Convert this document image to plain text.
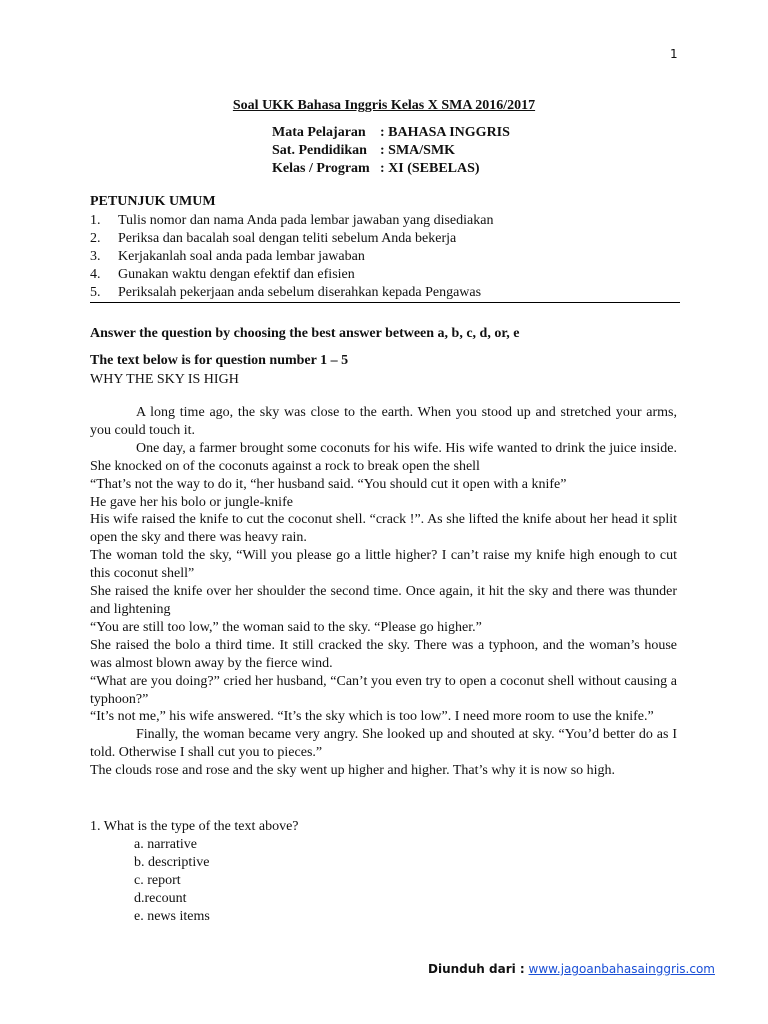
1
Soal UKK Bahasa Inggris Kelas X SMA 2016/2017
Mata Pelajaran	: BAHASA INGGRIS
Sat. Pendidikan : SMA/SMK
Kelas / Program : XI (SEBELAS)
PETUNJUK UMUM
1.	Tulis nomor dan nama Anda pada lembar jawaban yang disediakan
2.	Periksa dan bacalah soal dengan teliti sebelum Anda bekerja
3.	Kerjakanlah soal anda pada lembar jawaban
4.	Gunakan waktu dengan efektif dan efisien
5.	Periksalah pekerjaan anda sebelum diserahkan kepada Pengawas
Answer the question by choosing the best answer between a, b, c, d, or, e
The text below is for question number 1 – 5
WHY THE SKY IS HIGH

A long time ago, the sky was close to the earth. When you stood up and stretched your arms, you could touch it.

One day, a farmer brought some coconuts for his wife. His wife wanted to drink the juice inside. She knocked on of the coconuts against a rock to break open the shell

“That’s not the way to do it, “her husband said. “You should cut it open with a knife”

He gave her his bolo or jungle-knife

His wife raised the knife to cut the coconut shell. “crack !”. As she lifted the knife about her head it split open the sky and there was heavy rain.

The woman told the sky, “Will you please go a little higher? I can’t raise my knife high enough to cut this coconut shell”

She raised the knife over her shoulder the second time. Once again, it hit the sky and there was thunder and lightening

“You are still too low,” the woman said to the sky. “Please go higher.”

She raised the bolo a third time. It still cracked the sky. There was a typhoon, and the woman’s house was almost blown away by the fierce wind.

“What are you doing?” cried her husband, “Can’t you even try to open a coconut shell without causing a typhoon?”

“It’s not me,” his wife answered. “It’s the sky which is too low”. I need more room to use the knife.”

Finally, the woman became very angry. She looked up and shouted at sky. “You’d better do as I told. Otherwise I shall cut you to pieces.”

The clouds rose and rose and the sky went up higher and higher. That’s why it is now so high.

1. What is the type of the text above?
a. narrative
b. descriptive
c. report
d.recount
e. news items
Diunduh dari : www.jagoanbahasainggris.com
